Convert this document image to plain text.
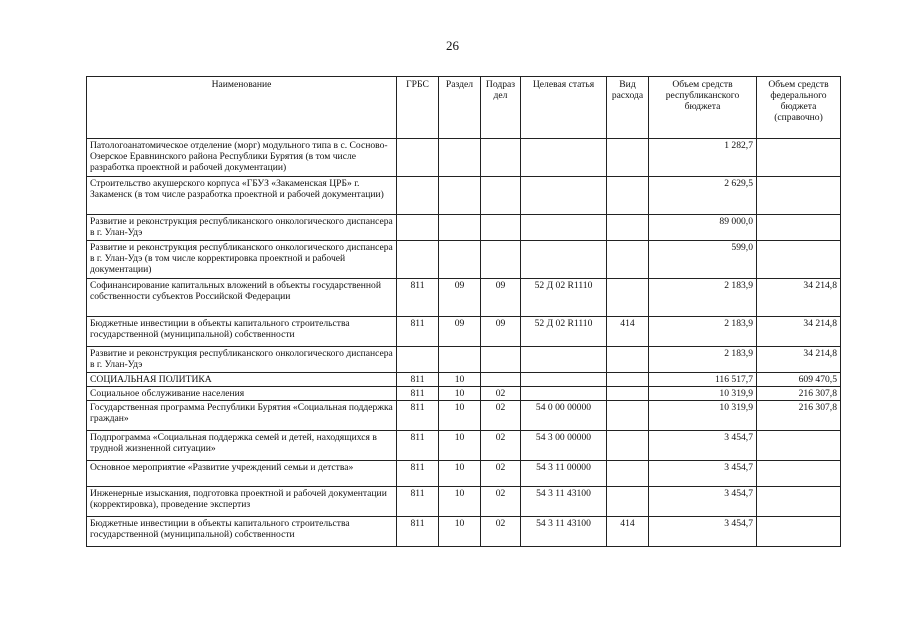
26
Наименование	ГРБС	Раздел	Подраз дел	Целевая статья	Вид расхода	Объем средств республиканского бюджета	Объем средств федерального бюджета (справочно)
Патологоанатомическое отделение (морг) модульного типа в с. Сосново-Озерское Еравнинского района Республики Бурятия (в том числе разработка проектной и рабочей документации)						1 282,7	
Строительство акушерского корпуса «ГБУЗ «Закаменская ЦРБ» г. Закаменск (в том числе разработка проектной и рабочей документации)						2 629,5	
Развитие и реконструкция республиканского онкологического диспансера в г. Улан-Удэ						89 000,0	
Развитие и реконструкция республиканского онкологического диспансера в г. Улан-Удэ (в том числе корректировка проектной и рабочей документации)						599,0	
Софинансирование капитальных вложений в объекты государственной собственности субъектов Российской Федерации	811	09	09	52 Д 02 R1110		2 183,9	34 214,8
Бюджетные инвестиции в объекты капитального строительства государственной (муниципальной) собственности	811	09	09	52 Д 02 R1110	414	2 183,9	34 214,8
Развитие и реконструкция республиканского онкологического диспансера в г. Улан-Удэ						2 183,9	34 214,8
СОЦИАЛЬНАЯ ПОЛИТИКА	811	10				116 517,7	609 470,5
Социальное обслуживание населения	811	10	02			10 319,9	216 307,8
Государственная программа Республики Бурятия «Социальная поддержка граждан»	811	10	02	54 0 00 00000		10 319,9	216 307,8
Подпрограмма «Социальная поддержка семей и детей, находящихся в трудной жизненной ситуации»	811	10	02	54 3 00 00000		3 454,7	
Основное мероприятие «Развитие учреждений семьи и детства»	811	10	02	54 3 11 00000		3 454,7	
Инженерные изыскания, подготовка проектной и рабочей документации (корректировка), проведение экспертиз	811	10	02	54 3 11 43100		3 454,7	
Бюджетные инвестиции в объекты капитального строительства государственной (муниципальной) собственности	811	10	02	54 3 11 43100	414	3 454,7	
